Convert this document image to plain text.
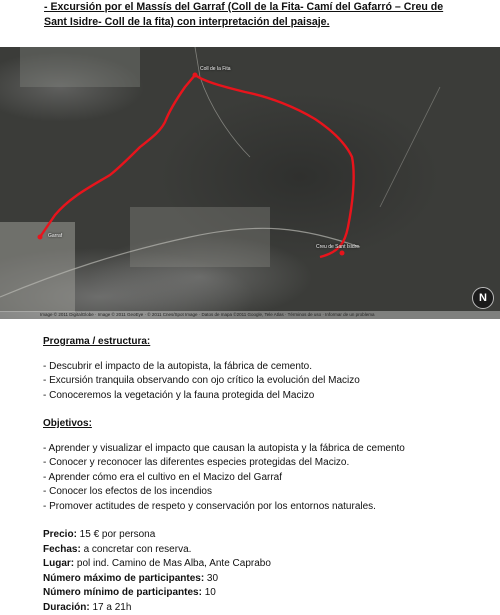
- Excursión por el Massís del Garraf (Coll de la Fita- Camí del Gafarró – Creu de Sant Isidre- Coll de la fita) con interpretación del paisaje.
Coll de la Fita
Creu de Sant Isidre
Garraf
Image © 2011 DigitalGlobe · Image © 2011 GeoEye · © 2011 Cnes/Spot Image · Datos de mapa ©2011 Google, Tele Atlas · Términos de uso · Informar de un problema
N
Programa / estructura:
- Descubrir el impacto de la autopista, la fábrica de cemento.
- Excursión tranquila observando con ojo crítico la evolución del Macizo
- Conoceremos la vegetación y la fauna protegida del Macizo
Objetivos:
- Aprender y visualizar el impacto que causan la autopista y la fábrica de cemento
- Conocer y reconocer las diferentes especies protegidas del Macizo.
- Aprender cómo era el cultivo en el Macizo del Garraf
- Conocer los efectos de los incendios
- Promover actitudes de respeto y conservación por los entornos naturales.
Precio: 15 € por persona
Fechas: a concretar con reserva.
Lugar: pol ind. Camino de Mas Alba, Ante Caprabo
Número máximo de participantes: 30
Número mínimo de participantes: 10
Duración: 17 a 21h
